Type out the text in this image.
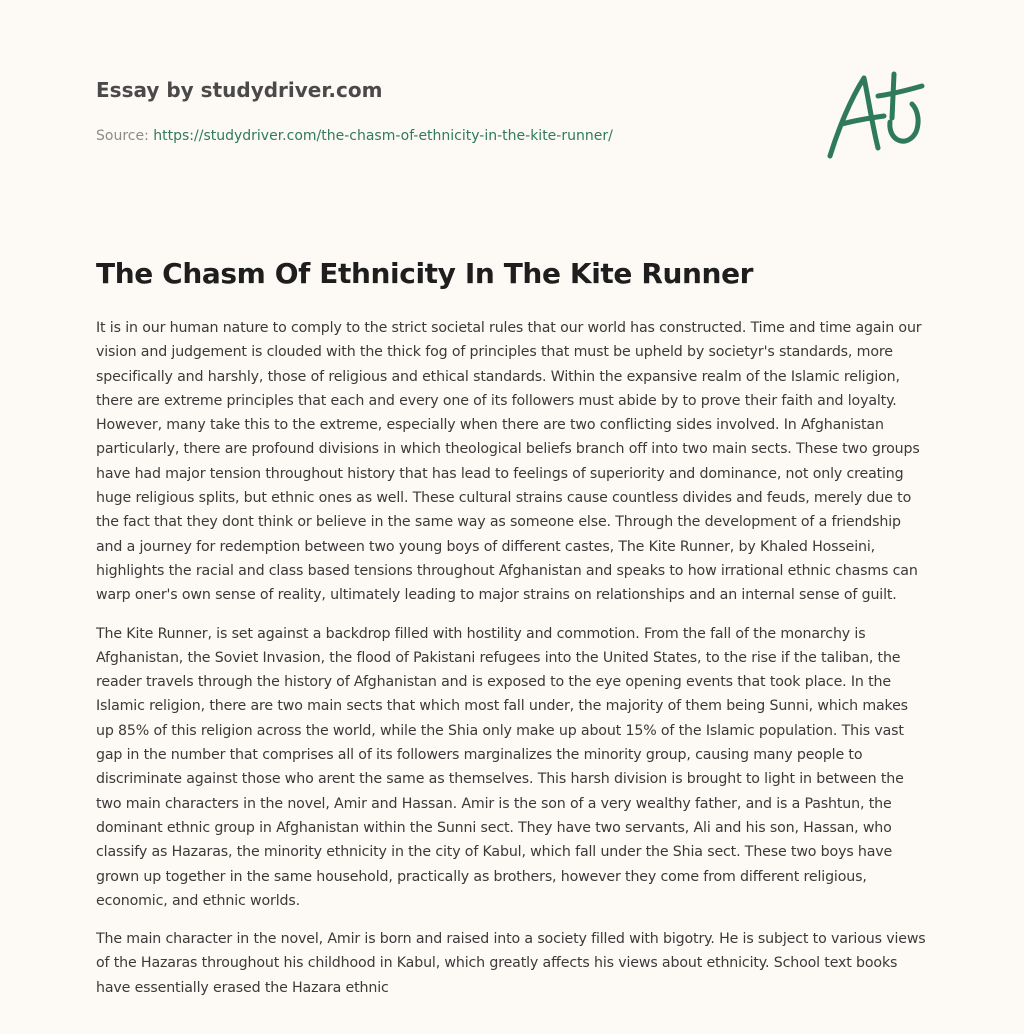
Essay by studydriver.com
Source: https://studydriver.com/the-chasm-of-ethnicity-in-the-kite-runner/
A+
The Chasm Of Ethnicity In The Kite Runner

It is in our human nature to comply to the strict societal rules that our world has constructed. Time and time again our vision and judgement is clouded with the thick fog of principles that must be upheld by societyr's standards, more specifically and harshly, those of religious and ethical standards. Within the expansive realm of the Islamic religion, there are extreme principles that each and every one of its followers must abide by to prove their faith and loyalty. However, many take this to the extreme, especially when there are two conflicting sides involved. In Afghanistan particularly, there are profound divisions in which theological beliefs branch off into two main sects. These two groups have had major tension throughout history that has lead to feelings of superiority and dominance, not only creating huge religious splits, but ethnic ones as well. These cultural strains cause countless divides and feuds, merely due to the fact that they dont think or believe in the same way as someone else. Through the development of a friendship and a journey for redemption between two young boys of different castes, The Kite Runner, by Khaled Hosseini, highlights the racial and class based tensions throughout Afghanistan and speaks to how irrational ethnic chasms can warp oner's own sense of reality, ultimately leading to major strains on relationships and an internal sense of guilt.

The Kite Runner, is set against a backdrop filled with hostility and commotion. From the fall of the monarchy is Afghanistan, the Soviet Invasion, the flood of Pakistani refugees into the United States, to the rise if the taliban, the reader travels through the history of Afghanistan and is exposed to the eye opening events that took place. In the Islamic religion, there are two main sects that which most fall under, the majority of them being Sunni, which makes up 85% of this religion across the world, while the Shia only make up about 15% of the Islamic population. This vast gap in the number that comprises all of its followers marginalizes the minority group, causing many people to discriminate against those who arent the same as themselves. This harsh division is brought to light in between the two main characters in the novel, Amir and Hassan. Amir is the son of a very wealthy father, and is a Pashtun, the dominant ethnic group in Afghanistan within the Sunni sect. They have two servants, Ali and his son, Hassan, who classify as Hazaras, the minority ethnicity in the city of Kabul, which fall under the Shia sect. These two boys have grown up together in the same household, practically as brothers, however they come from different religious, economic, and ethnic worlds.

The main character in the novel, Amir is born and raised into a society filled with bigotry. He is subject to various views of the Hazaras throughout his childhood in Kabul, which greatly affects his views about ethnicity. School text books have essentially erased the Hazara ethnic
